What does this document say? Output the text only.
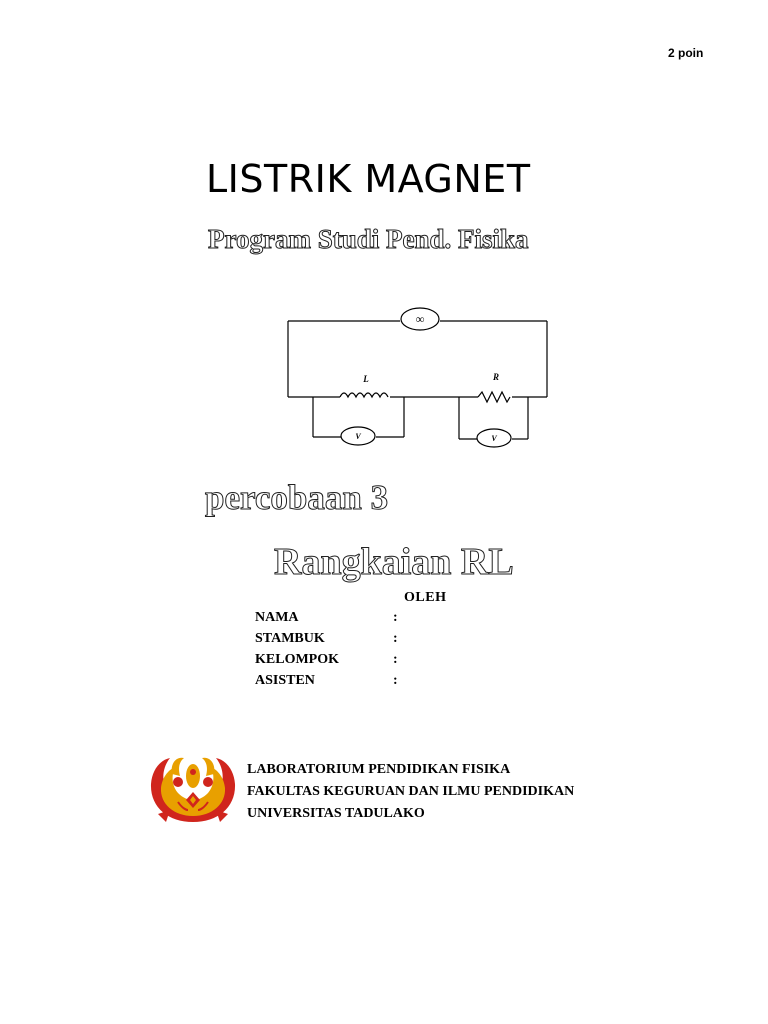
2 poin
LISTRIK MAGNET
Program Studi Pend. Fisika
∞
L	R
V	V
percobaan 3
Rangkaian RL
OLEH
NAMA	:
STAMBUK	:
KELOMPOK	:
ASISTEN	:
LABORATORIUM PENDIDIKAN FISIKA
FAKULTAS KEGURUAN DAN ILMU PENDIDIKAN
UNIVERSITAS TADULAKO
